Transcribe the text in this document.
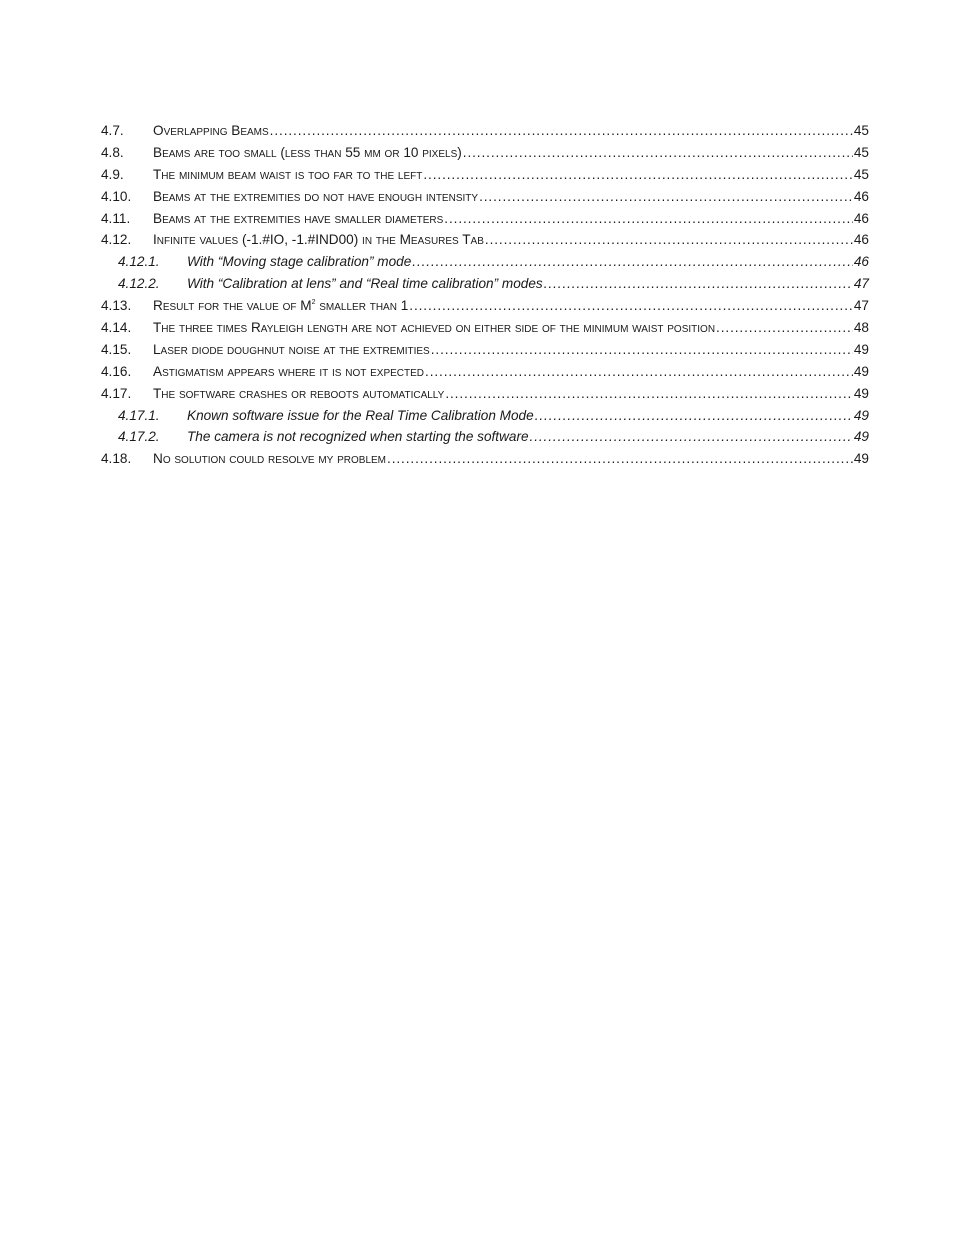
4.7.	Overlapping Beams .....	45
4.8.	Beams are too small (less than 55 mm or 10 pixels) .....	45
4.9.	The minimum beam waist is too far to the left .....	45
4.10.	Beams at the extremities do not have enough intensity .....	46
4.11.	Beams at the extremities have smaller diameters .....	46
4.12.	Infinite values (-1.#IO, -1.#IND00) in the Measures Tab .....	46
4.12.1.	With “Moving stage calibration” mode .....	46
4.12.2.	With “Calibration at lens” and “Real time calibration” modes .....	47
4.13.	Result for the value of $M^2$ smaller than 1 .....	47
4.14.	The three times Rayleigh length are not achieved on either side of the minimum waist position .....	48
4.15.	Laser diode doughnut noise at the extremities .....	49
4.16.	Astigmatism appears where it is not expected .....	49
4.17.	The software crashes or reboots automatically .....	49
4.17.1.	Known software issue for the Real Time Calibration Mode .....	49
4.17.2.	The camera is not recognized when starting the software .....	49
4.18.	No solution could resolve my problem .....	49
